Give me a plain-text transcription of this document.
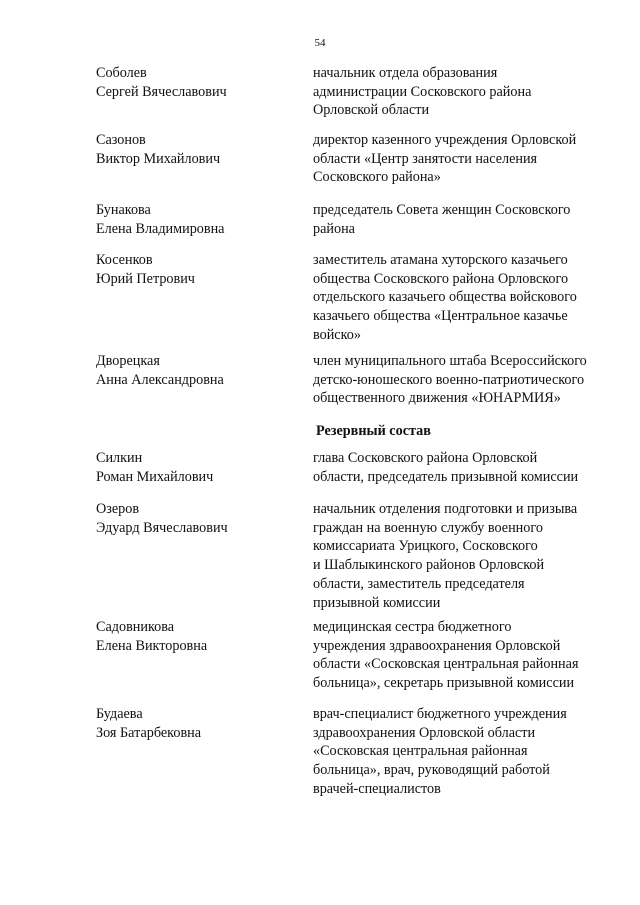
54
Соболев
Сергей Вячеславович
начальник отдела образования
администрации Сосковского района
Орловской области
Сазонов
Виктор Михайлович
директор казенного учреждения Орловской
области «Центр занятости населения
Сосковского района»
Бунакова
Елена Владимировна
председатель Совета женщин Сосковского
района
Косенков
Юрий Петрович
заместитель атамана хуторского казачьего
общества Сосковского района Орловского
отдельского казачьего общества войскового
казачьего общества «Центральное казачье
войско»
Дворецкая
Анна Александровна
член муниципального штаба Всероссийского
детско-юношеского военно-патриотического
общественного движения «ЮНАРМИЯ»
Резервный состав
Силкин
Роман Михайлович
глава Сосковского района Орловской
области, председатель призывной комиссии
Озеров
Эдуард Вячеславович
начальник отделения подготовки и призыва
граждан на военную службу военного
комиссариата Урицкого, Сосковского
и Шаблыкинского районов Орловской
области, заместитель председателя
призывной комиссии
Садовникова
Елена Викторовна
медицинская сестра бюджетного
учреждения здравоохранения Орловской
области «Сосковская центральная районная
больница», секретарь призывной комиссии
Будаева
Зоя Батарбековна
врач-специалист бюджетного учреждения
здравоохранения Орловской области
«Сосковская центральная районная
больница», врач, руководящий работой
врачей-специалистов
